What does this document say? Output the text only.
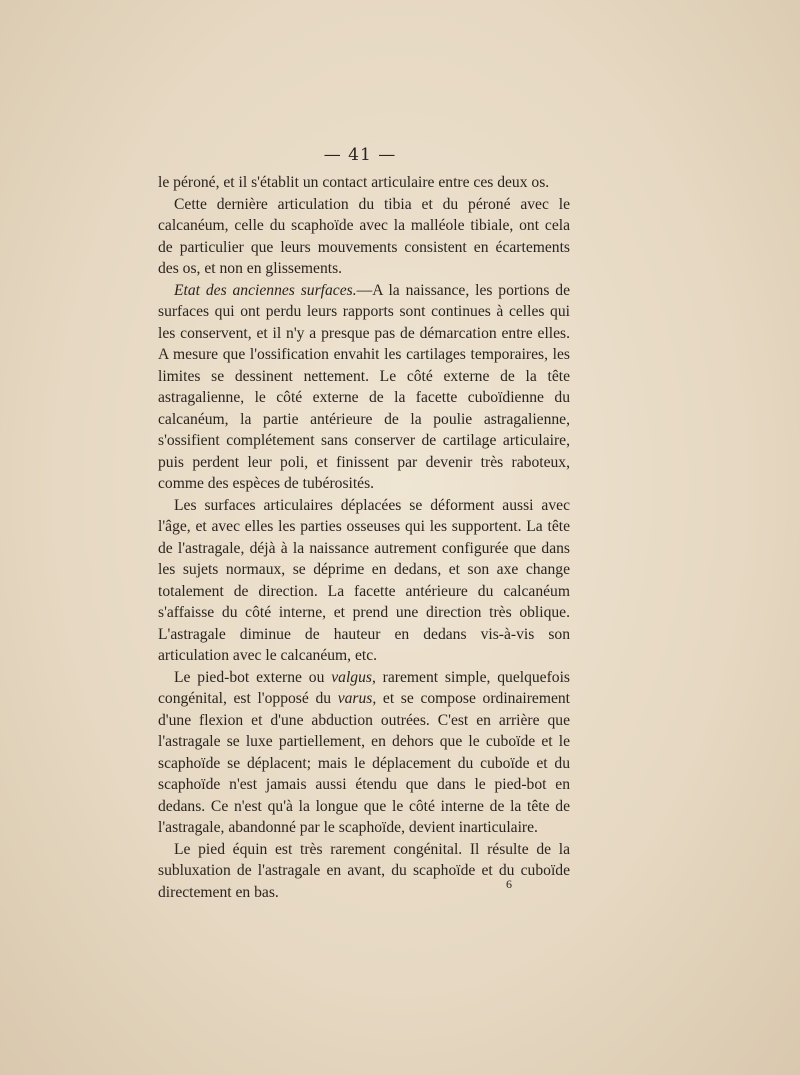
— 41 —

le péroné, et il s'établit un contact articulaire entre ces deux os.

Cette dernière articulation du tibia et du péroné avec le calcanéum, celle du scaphoïde avec la malléole tibiale, ont cela de particulier que leurs mouvements consistent en écartements des os, et non en glissements.

Etat des anciennes surfaces.—A la naissance, les portions de surfaces qui ont perdu leurs rapports sont continues à celles qui les conservent, et il n'y a presque pas de démarcation entre elles. A mesure que l'ossification envahit les cartilages temporaires, les limites se dessinent nettement. Le côté externe de la tête astragalienne, le côté externe de la facette cuboïdienne du calcanéum, la partie antérieure de la poulie astragalienne, s'ossifient complétement sans conserver de cartilage articulaire, puis perdent leur poli, et finissent par devenir très raboteux, comme des espèces de tubérosités.

Les surfaces articulaires déplacées se déforment aussi avec l'âge, et avec elles les parties osseuses qui les supportent. La tête de l'astragale, déjà à la naissance autrement configurée que dans les sujets normaux, se déprime en dedans, et son axe change totalement de direction. La facette antérieure du calcanéum s'affaisse du côté interne, et prend une direction très oblique. L'astragale diminue de hauteur en dedans vis-à-vis son articulation avec le calcanéum, etc.

Le pied-bot externe ou valgus, rarement simple, quelquefois congénital, est l'opposé du varus, et se compose ordinairement d'une flexion et d'une abduction outrées. C'est en arrière que l'astragale se luxe partiellement, en dehors que le cuboïde et le scaphoïde se déplacent; mais le déplacement du cuboïde et du scaphoïde n'est jamais aussi étendu que dans le pied-bot en dedans. Ce n'est qu'à la longue que le côté interne de la tête de l'astragale, abandonné par le scaphoïde, devient inarticulaire.

Le pied équin est très rarement congénital. Il résulte de la subluxation de l'astragale en avant, du scaphoïde et du cuboïde directement en bas.	6
